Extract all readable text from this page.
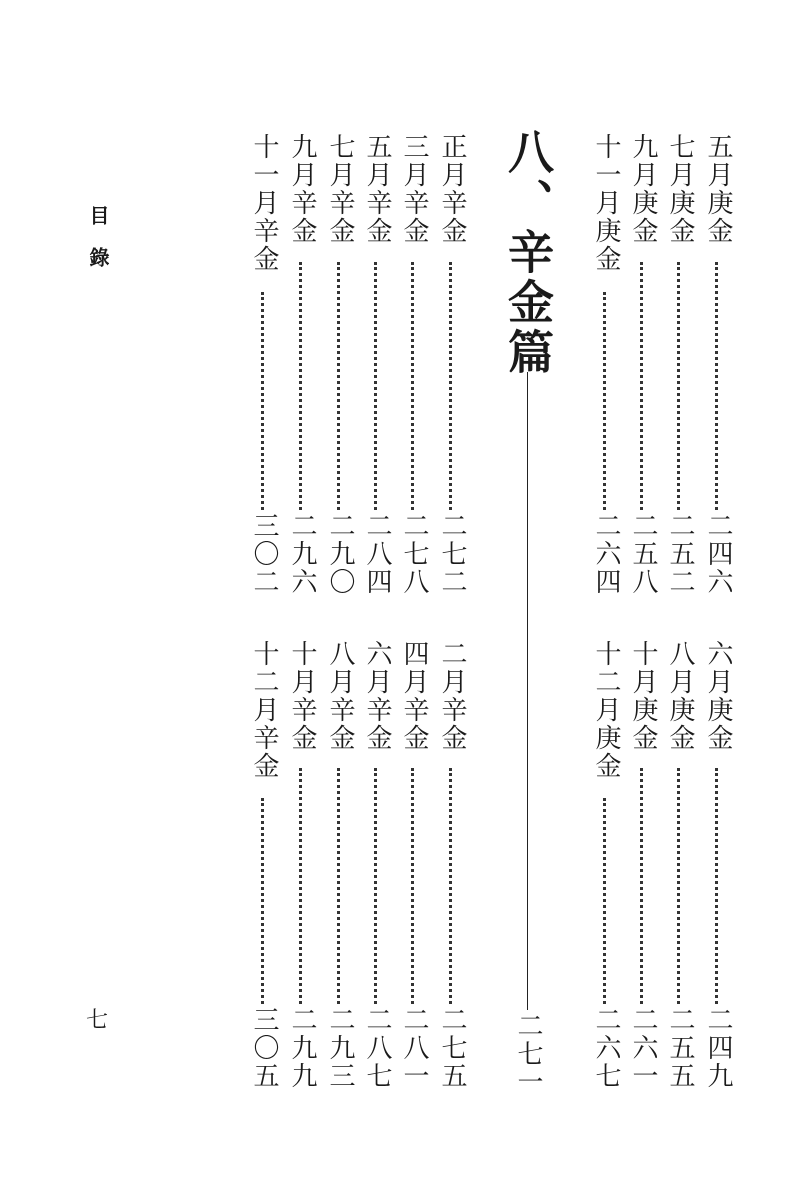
目錄
七
五月庚金
二四六
七月庚金
二五二
九月庚金
二五八
十一月庚金
二六四
六月庚金
二四九
八月庚金
二五五
十月庚金
二六一
十二月庚金
二六七
八、辛金篇
二七一
正月辛金
二七二
三月辛金
二七八
五月辛金
二八四
七月辛金
二九〇
九月辛金
二九六
十一月辛金
三〇二
二月辛金
二七五
四月辛金
二八一
六月辛金
二八七
八月辛金
二九三
十月辛金
二九九
十二月辛金
三〇五
